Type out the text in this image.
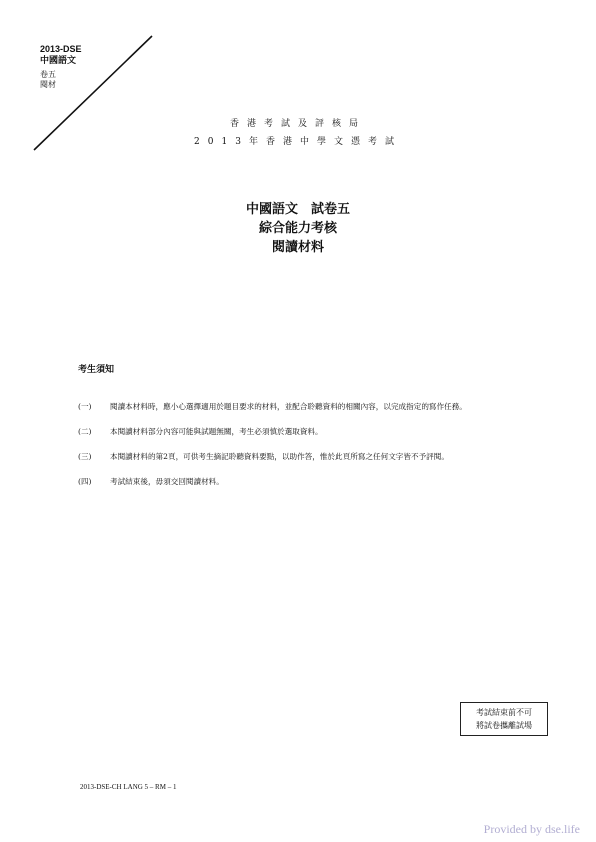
2013-DSE
中國語文
卷五
閱材
香港考試及評核局
2013年香港中學文憑考試
中國語文　試卷五
綜合能力考核
閱讀材料
考生須知
(一)	閱讀本材料時，應小心選擇適用於題目要求的材料，並配合聆聽資料的相關內容，以完成指定的寫作任務。
(二)	本閱讀材料部分內容可能與試題無關，考生必須慎於選取資料。
(三)	本閱讀材料的第2頁，可供考生摘記聆聽資料要點，以助作答，惟於此頁所寫之任何文字皆不予評閱。
(四)	考試結束後，毋須交回閱讀材料。
考試結束前不可
將試卷攜離試場
2013-DSE-CH LANG 5 – RM – 1
Provided by dse.life
